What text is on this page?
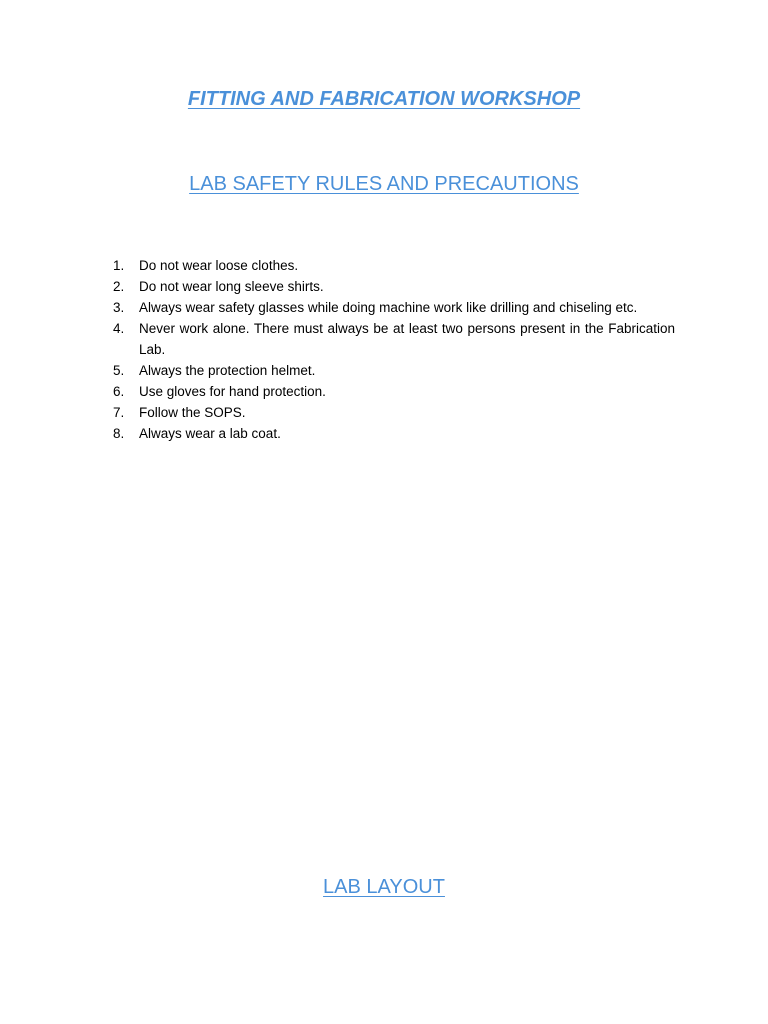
FITTING AND FABRICATION WORKSHOP
LAB SAFETY RULES AND PRECAUTIONS
1.	Do not wear loose clothes.
2.	Do not wear long sleeve shirts.
3.	Always wear safety glasses while doing machine work like drilling and chiseling etc.
4.	Never work alone. There must always be at least two persons present in the Fabrication Lab.
5.	Always the protection helmet.
6.	Use gloves for hand protection.
7.	Follow the SOPS.
8.	Always wear a lab coat.
LAB LAYOUT
